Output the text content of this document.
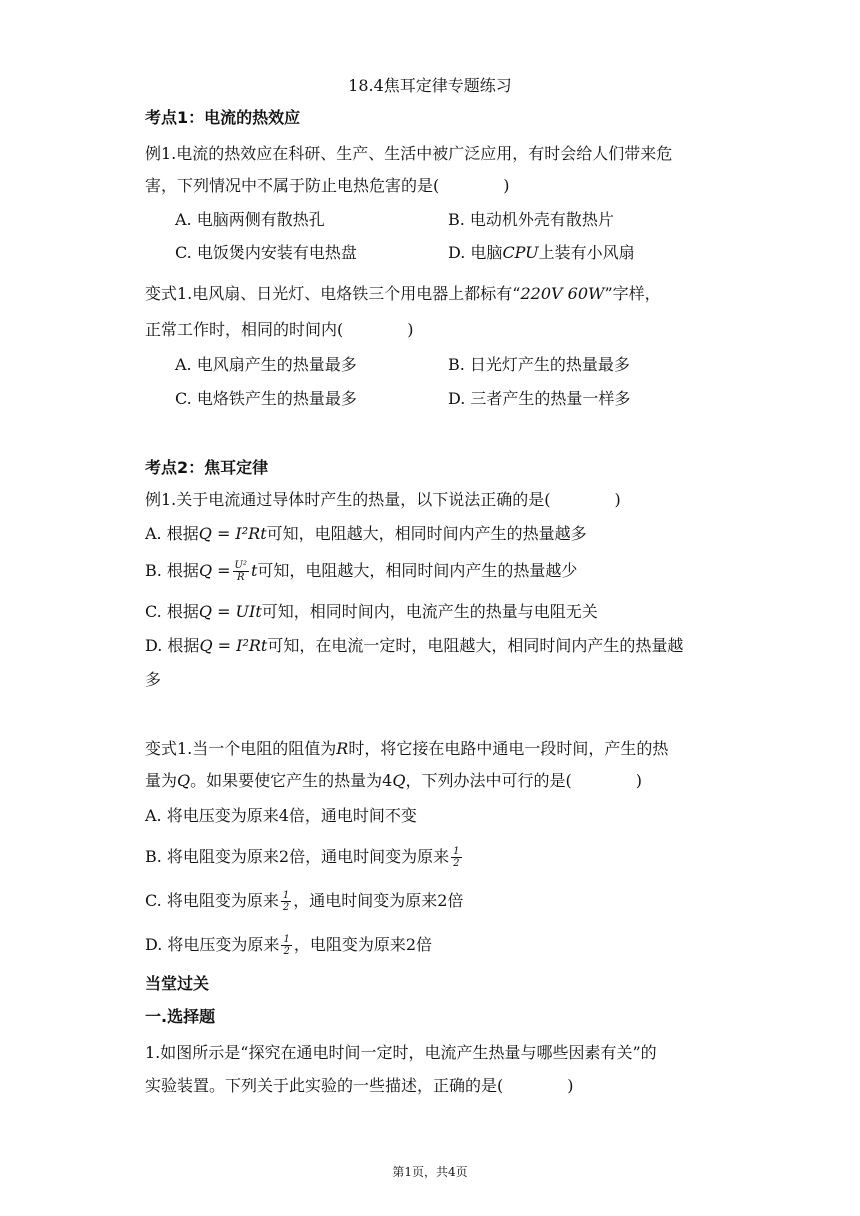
18.4焦耳定律专题练习
考点1：电流的热效应
例1.电流的热效应在科研、生产、生活中被广泛应用，有时会给人们带来危
害，下列情况中不属于防止电热危害的是(　　　　)
A. 电脑两侧有散热孔	B. 电动机外壳有散热片
C. 电饭煲内安装有电热盘	D. 电脑CPU上装有小风扇
变式1.电风扇、日光灯、电烙铁三个用电器上都标有“220V 60W”字样，
正常工作时，相同的时间内(　　　　)
A. 电风扇产生的热量最多	B. 日光灯产生的热量最多
C. 电烙铁产生的热量最多	D. 三者产生的热量一样多
考点2：焦耳定律
例1.关于电流通过导体时产生的热量，以下说法正确的是(　　　　)
A. 根据Q = I²Rt可知，电阻越大，相同时间内产生的热量越多
B. 根据$Q = \frac{\text{U²}}{R}$ t可知，电阻越大，相同时间内产生的热量越少
C. 根据Q = UIt可知，相同时间内，电流产生的热量与电阻无关
D. 根据Q = I²Rt可知，在电流一定时，电阻越大，相同时间内产生的热量越
多
变式1.当一个电阻的阻值为R时，将它接在电路中通电一段时间，产生的热
量为Q。如果要使它产生的热量为4Q，下列办法中可行的是(　　　　)
A. 将电压变为原来4倍，通电时间不变
B. 将电阻变为原来2倍，通电时间变为原来 $\frac{1}{2}$
C. 将电阻变为原来 $\frac{1}{2}$ ，通电时间变为原来2倍
D. 将电压变为原来 $\frac{1}{2}$ ，电阻变为原来2倍
当堂过关
一.选择题
1.如图所示是“探究在通电时间一定时，电流产生热量与哪些因素有关”的
实验装置。下列关于此实验的一些描述，正确的是(　　　　)
第1页，共4页
